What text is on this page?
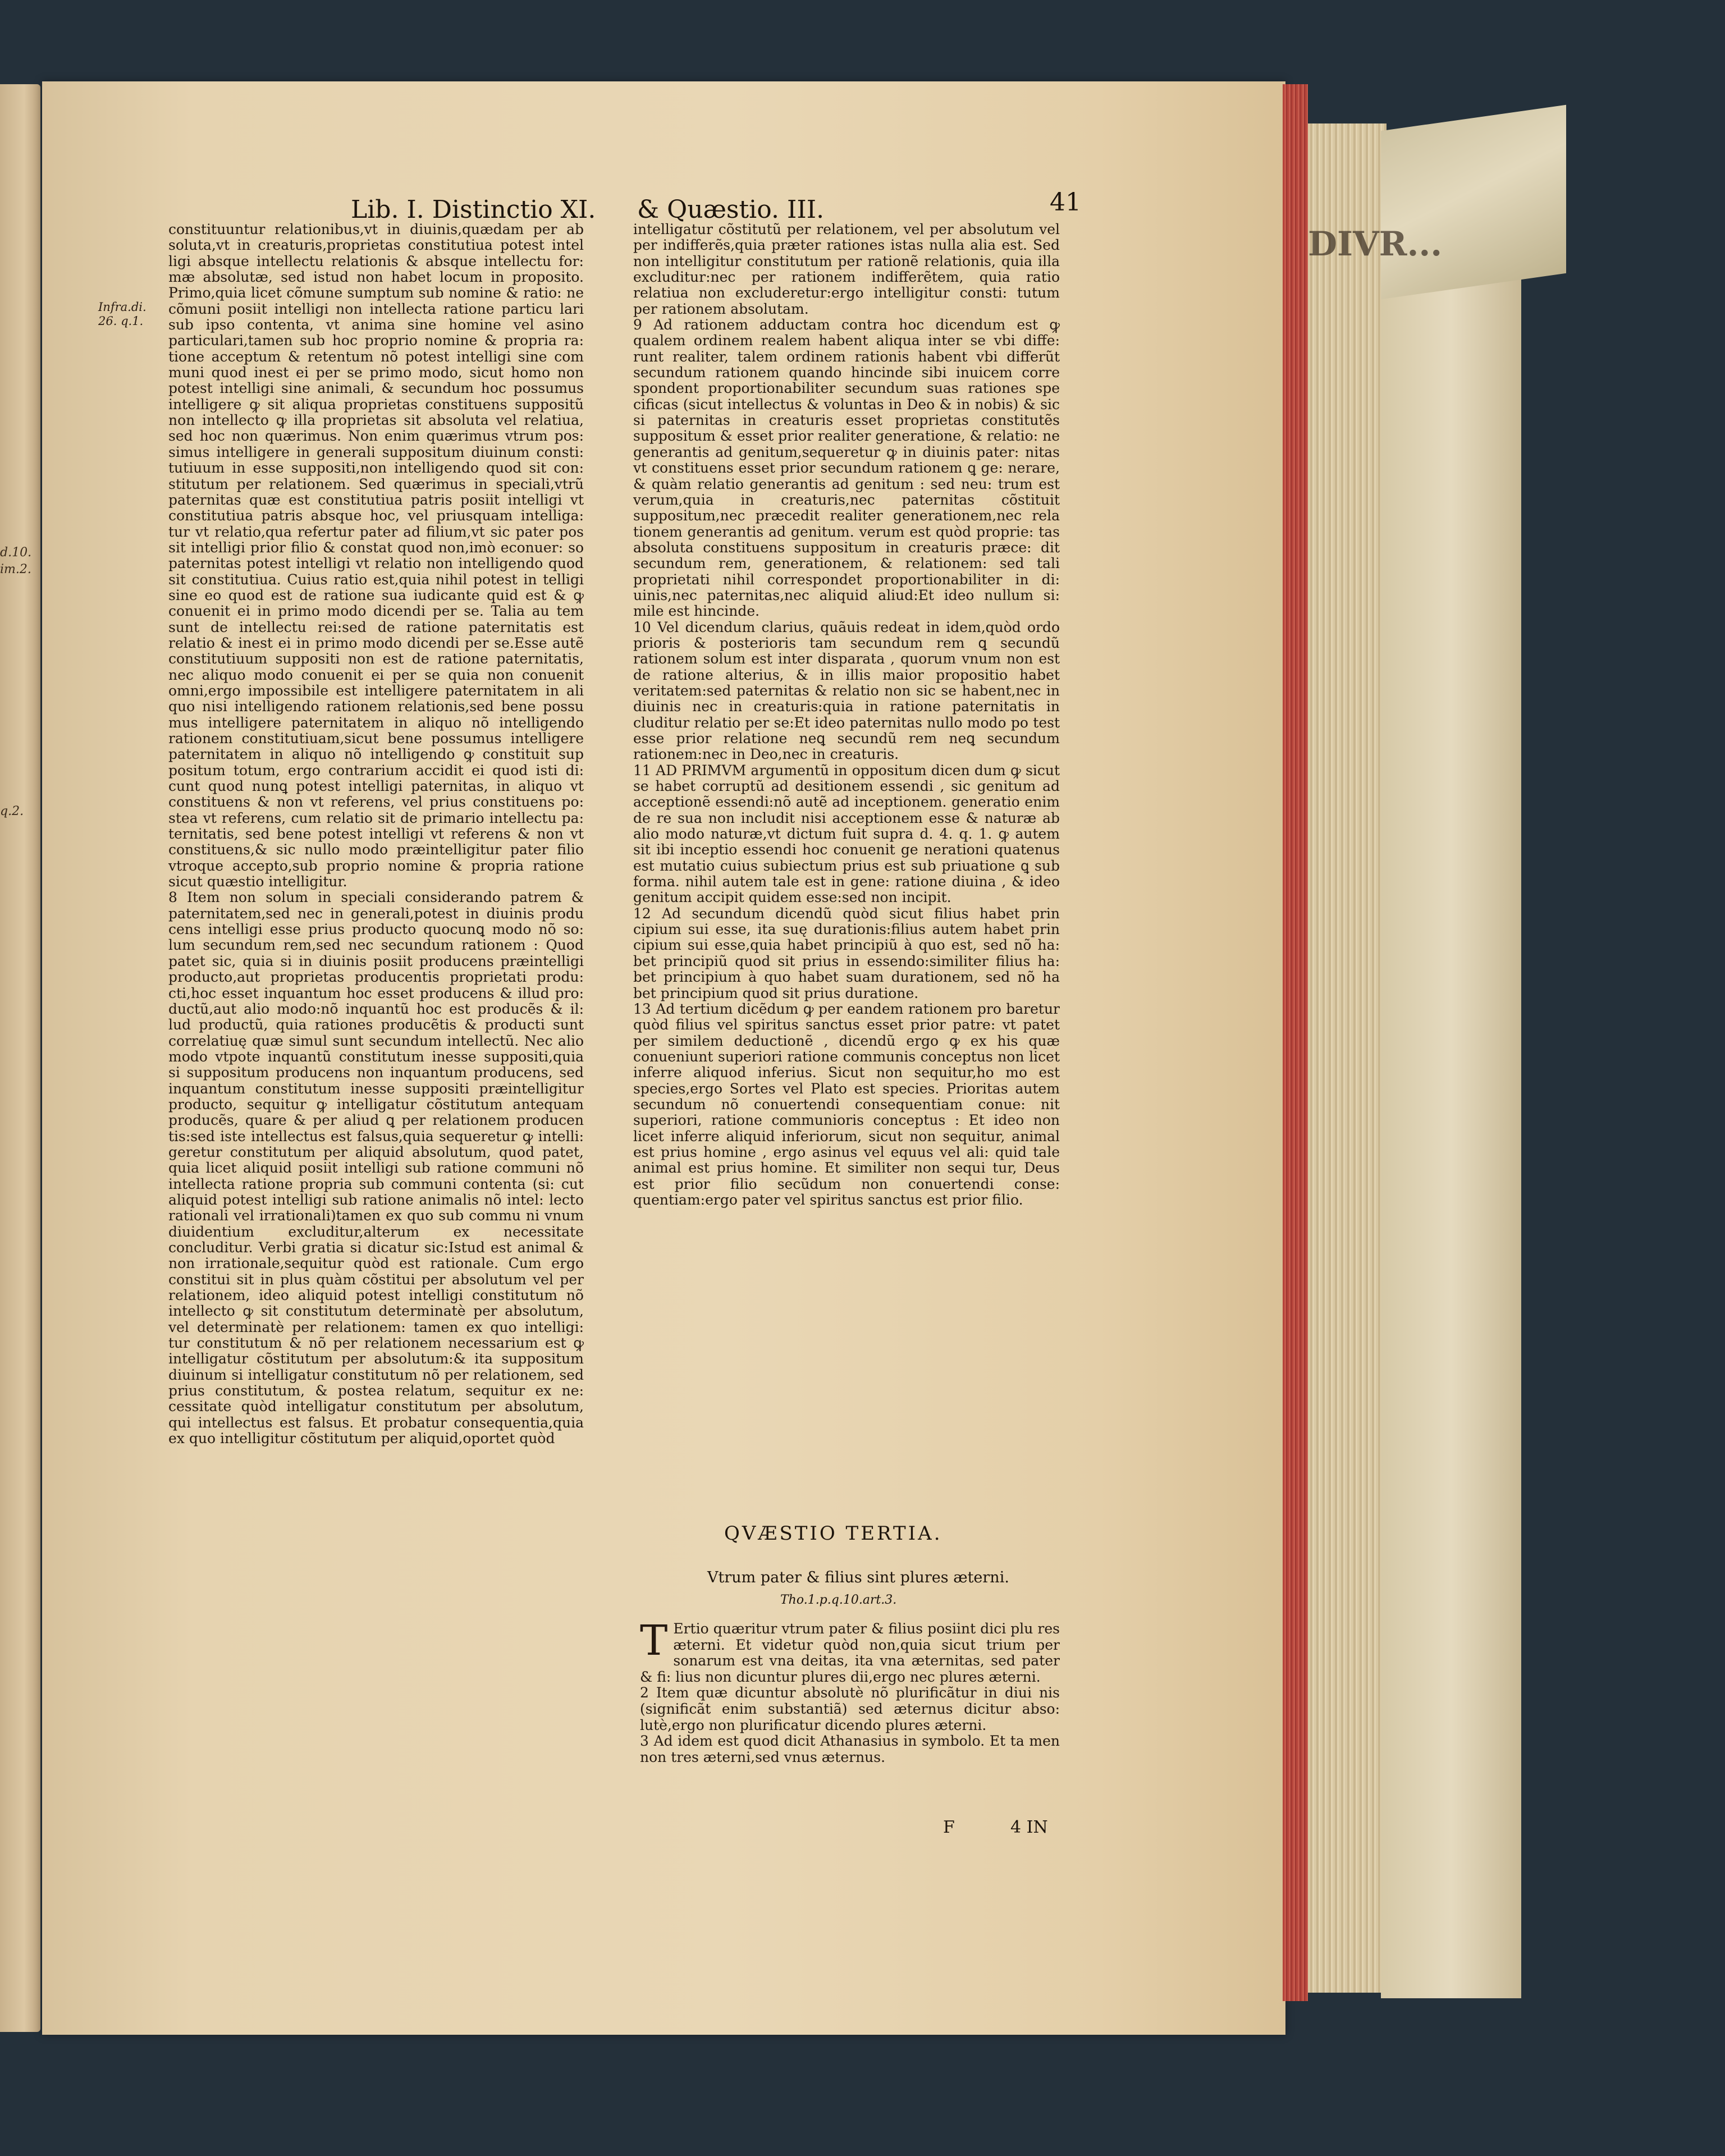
d.10.
im.2.
q.2.
DIVR...
Lib. I. Distinctio XI. & Quæstio. III.	41
Infra.di. 26. q.1.

constituuntur relationibus,vt in diuinis,quædam per ab soluta,vt in creaturis,proprietas constitutiua potest intel ligi absque intellectu relationis & absque intellectu for: mæ absolutæ, sed istud non habet locum in proposito. Primo,quia licet cõmune sumptum sub nomine & ratio: ne cõmuni posiit intelligi non intellecta ratione particu lari sub ipso contenta, vt anima sine homine vel asino particulari,tamen sub hoc proprio nomine & propria ra: tione acceptum & retentum nõ potest intelligi sine com muni quod inest ei per se primo modo, sicut homo non potest intelligi sine animali, & secundum hoc possumus intelligere ꝙ sit aliqua proprietas constituens suppositũ non intellecto ꝙ illa proprietas sit absoluta vel relatiua, sed hoc non quærimus. Non enim quærimus vtrum pos: simus intelligere in generali suppositum diuinum consti: tutiuum in esse suppositi,non intelligendo quod sit con: stitutum per relationem. Sed quærimus in speciali,vtrũ paternitas quæ est constitutiua patris posiit intelligi vt constitutiua patris absque hoc, vel priusquam intelliga: tur vt relatio,qua refertur pater ad filium,vt sic pater pos sit intelligi prior filio & constat quod non,imò econuer: so paternitas potest intelligi vt relatio non intelligendo quod sit constitutiua. Cuius ratio est,quia nihil potest in telligi sine eo quod est de ratione sua iudicante quid est & ꝙ conuenit ei in primo modo dicendi per se. Talia au tem sunt de intellectu rei:sed de ratione paternitatis est relatio & inest ei in primo modo dicendi per se.Esse autẽ constitutiuum suppositi non est de ratione paternitatis, nec aliquo modo conuenit ei per se quia non conuenit omni,ergo impossibile est intelligere paternitatem in ali quo nisi intelligendo rationem relationis,sed bene possu mus intelligere paternitatem in aliquo nõ intelligendo rationem constitutiuam,sicut bene possumus intelligere paternitatem in aliquo nõ intelligendo ꝙ constituit sup positum totum, ergo contrarium accidit ei quod isti di: cunt quod nunꝗ potest intelligi paternitas, in aliquo vt constituens & non vt referens, vel prius constituens po: stea vt referens, cum relatio sit de primario intellectu pa: ternitatis, sed bene potest intelligi vt referens & non vt constituens,& sic nullo modo præintelligitur pater filio vtroque accepto,sub proprio nomine & propria ratione sicut quæstio intelligitur.

8 Item non solum in speciali considerando patrem & paternitatem,sed nec in generali,potest in diuinis produ cens intelligi esse prius producto quocunꝗ modo nõ so: lum secundum rem,sed nec secundum rationem : Quod patet sic, quia si in diuinis posiit producens præintelligi producto,aut proprietas producentis proprietati produ: cti,hoc esset inquantum hoc esset producens & illud pro: ductũ,aut alio modo:nõ inquantũ hoc est producẽs & il: lud productũ, quia rationes producẽtis & producti sunt correlatiuę quæ simul sunt secundum intellectũ. Nec alio modo vtpote inquantũ constitutum inesse suppositi,quia si suppositum producens non inquantum producens, sed inquantum constitutum inesse suppositi præintelligitur producto, sequitur ꝙ intelligatur cõstitutum antequam producẽs, quare & per aliud ꝗ per relationem producen tis:sed iste intellectus est falsus,quia sequeretur ꝙ intelli: geretur constitutum per aliquid absolutum, quod patet, quia licet aliquid posiit intelligi sub ratione communi nõ intellecta ratione propria sub communi contenta (si: cut aliquid potest intelligi sub ratione animalis nõ intel: lecto rationali vel irrationali)tamen ex quo sub commu ni vnum diuidentium excluditur,alterum ex necessitate concluditur. Verbi gratia si dicatur sic:Istud est animal & non irrationale,sequitur quòd est rationale. Cum ergo constitui sit in plus quàm cõstitui per absolutum vel per relationem, ideo aliquid potest intelligi constitutum nõ intellecto ꝙ sit constitutum determinatè per absolutum, vel determinatè per relationem: tamen ex quo intelligi: tur constitutum & nõ per relationem necessarium est ꝙ intelligatur cõstitutum per absolutum:& ita suppositum diuinum si intelligatur constitutum nõ per relationem, sed prius constitutum, & postea relatum, sequitur ex ne: cessitate quòd intelligatur constitutum per absolutum, qui intellectus est falsus. Et probatur consequentia,quia ex quo intelligitur cõstitutum per aliquid,oportet quòd

intelligatur cõstitutũ per relationem, vel per absolutum vel per indifferẽs,quia præter rationes istas nulla alia est. Sed non intelligitur constitutum per rationẽ relationis, quia illa excluditur:nec per rationem indifferẽtem, quia ratio relatiua non excluderetur:ergo intelligitur consti: tutum per rationem absolutam.

9 Ad rationem adductam contra hoc dicendum est ꝙ qualem ordinem realem habent aliqua inter se vbi diffe: runt realiter, talem ordinem rationis habent vbi differũt secundum rationem quando hincinde sibi inuicem corre spondent proportionabiliter secundum suas rationes spe cificas (sicut intellectus & voluntas in Deo & in nobis) & sic si paternitas in creaturis esset proprietas constitutẽs suppositum & esset prior realiter generatione, & relatio: ne generantis ad genitum,sequeretur ꝙ in diuinis pater: nitas vt constituens esset prior secundum rationem ꝗ ge: nerare, & quàm relatio generantis ad genitum : sed neu: trum est verum,quia in creaturis,nec paternitas cõstituit suppositum,nec præcedit realiter generationem,nec rela tionem generantis ad genitum. verum est quòd proprie: tas absoluta constituens suppositum in creaturis præce: dit secundum rem, generationem, & relationem: sed tali proprietati nihil correspondet proportionabiliter in di: uinis,nec paternitas,nec aliquid aliud:Et ideo nullum si: mile est hincinde.

10 Vel dicendum clarius, quãuis redeat in idem,quòd ordo prioris & posterioris tam secundum rem ꝗ secundũ rationem solum est inter disparata , quorum vnum non est de ratione alterius, & in illis maior propositio habet veritatem:sed paternitas & relatio non sic se habent,nec in diuinis nec in creaturis:quia in ratione paternitatis in cluditur relatio per se:Et ideo paternitas nullo modo po test esse prior relatione neꝗ secundũ rem neꝗ secundum rationem:nec in Deo,nec in creaturis.

11 AD PRIMVM argumentũ in oppositum dicen dum ꝙ sicut se habet corruptũ ad desitionem essendi , sic genitum ad acceptionẽ essendi:nõ autẽ ad inceptionem. generatio enim de re sua non includit nisi acceptionem esse & naturæ ab alio modo naturæ,vt dictum fuit supra d. 4. q. 1. ꝙ autem sit ibi inceptio essendi hoc conuenit ge nerationi quatenus est mutatio cuius subiectum prius est sub priuatione ꝗ sub forma. nihil autem tale est in gene: ratione diuina , & ideo genitum accipit quidem esse:sed non incipit.

12 Ad secundum dicendũ quòd sicut filius habet prin cipium sui esse, ita suę durationis:filius autem habet prin cipium sui esse,quia habet principiũ à quo est, sed nõ ha: bet principiũ quod sit prius in essendo:similiter filius ha: bet principium à quo habet suam durationem, sed nõ ha bet principium quod sit prius duratione.

13 Ad tertium dicẽdum ꝙ per eandem rationem pro baretur quòd filius vel spiritus sanctus esset prior patre: vt patet per similem deductionẽ , dicendũ ergo ꝙ ex his quæ conueniunt superiori ratione communis conceptus non licet inferre aliquod inferius. Sicut non sequitur,ho mo est species,ergo Sortes vel Plato est species. Prioritas autem secundum nõ conuertendi consequentiam conue: nit superiori, ratione communioris conceptus : Et ideo non licet inferre aliquid inferiorum, sicut non sequitur, animal est prius homine , ergo asinus vel equus vel ali: quid tale animal est prius homine. Et similiter non sequi tur, Deus est prior filio secũdum non conuertendi conse: quentiam:ergo pater vel spiritus sanctus est prior filio.

QVÆSTIO TERTIA.
Vtrum pater & filius sint plures æterni.
Tho.1.p.q.10.art.3.

T Ertio quæritur vtrum pater & filius posiint dici plu res æterni. Et videtur quòd non,quia sicut trium per sonarum est vna deitas, ita vna æternitas, sed pater & fi: lius non dicuntur plures dii,ergo nec plures æterni.

2 Item quæ dicuntur absolutè nõ plurificãtur in diui nis (significãt enim substantiã) sed æternus dicitur abso: lutè,ergo non plurificatur dicendo plures æterni.

3 Ad idem est quod dicit Athanasius in symbolo. Et ta men non tres æterni,sed vnus æternus.

F	4 IN
